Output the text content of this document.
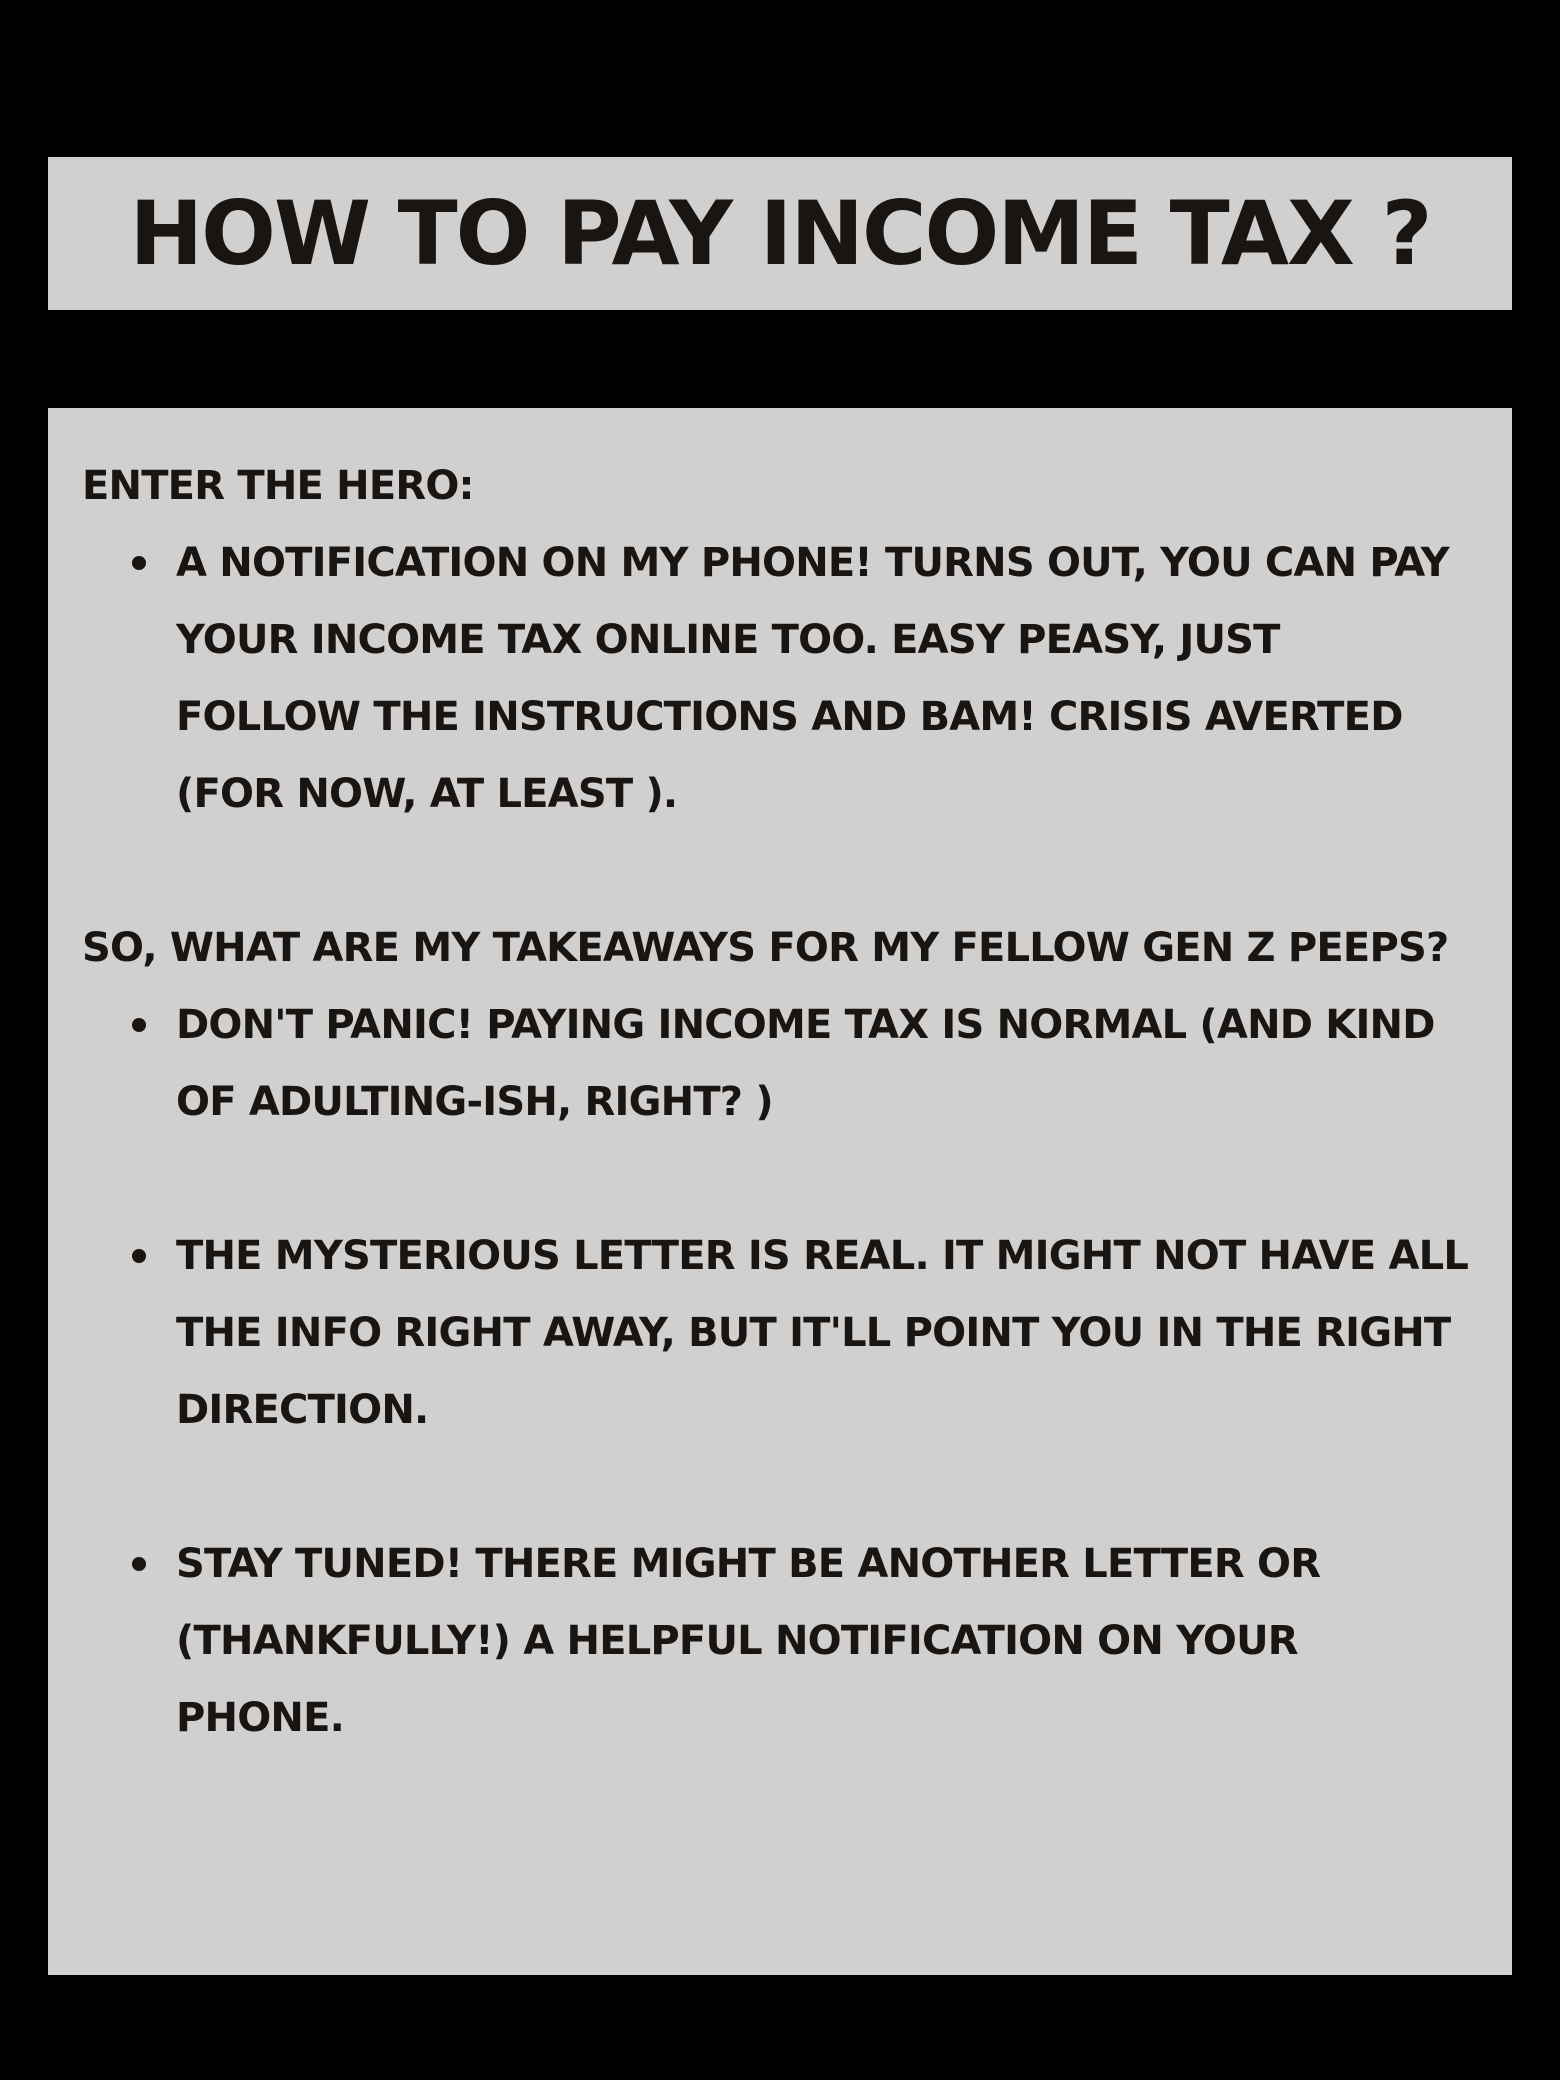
HOW TO PAY INCOME TAX ?

ENTER THE HERO:

A NOTIFICATION ON MY PHONE! TURNS OUT, YOU CAN PAY YOUR INCOME TAX ONLINE TOO. EASY PEASY, JUST FOLLOW THE INSTRUCTIONS AND BAM! CRISIS AVERTED (FOR NOW, AT LEAST ).

SO, WHAT ARE MY TAKEAWAYS FOR MY FELLOW GEN Z PEEPS?

DON'T PANIC! PAYING INCOME TAX IS NORMAL (AND KIND OF ADULTING-ISH, RIGHT? )

THE MYSTERIOUS LETTER IS REAL. IT MIGHT NOT HAVE ALL THE INFO RIGHT AWAY, BUT IT'LL POINT YOU IN THE RIGHT DIRECTION.

STAY TUNED! THERE MIGHT BE ANOTHER LETTER OR (THANKFULLY!) A HELPFUL NOTIFICATION ON YOUR PHONE.
